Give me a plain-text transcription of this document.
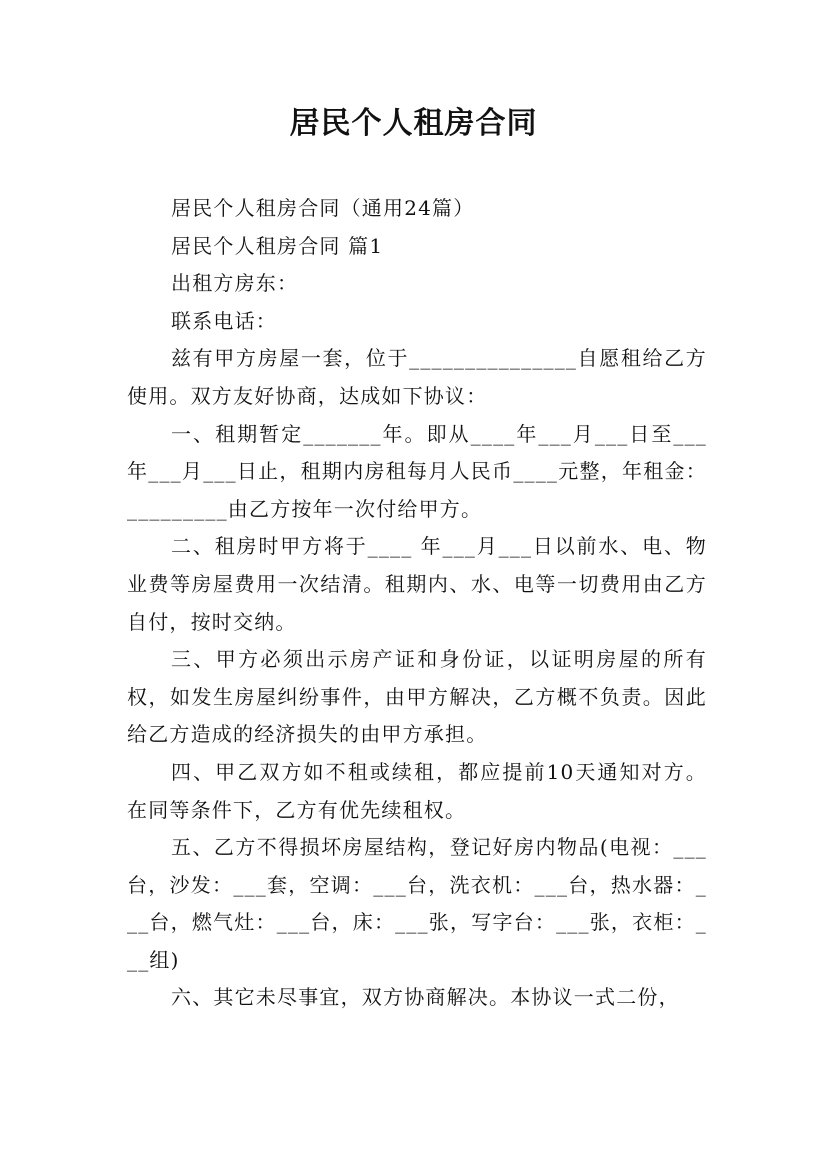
居民个人租房合同

居民个人租房合同（通用24篇）

居民个人租房合同 篇1

出租方房东：

联系电话：

兹有甲方房屋一套，位于_______________自愿租给乙方使用。双方友好协商，达成如下协议：

一、租期暂定_______年。即从____年___月___日至___年___月___日止，租期内房租每月人民币____元整，年租金：_________由乙方按年一次付给甲方。

二、租房时甲方将于____ 年___月___日以前水、电、物业费等房屋费用一次结清。租期内、水、电等一切费用由乙方自付，按时交纳。

三、甲方必须出示房产证和身份证，以证明房屋的所有权，如发生房屋纠纷事件，由甲方解决，乙方概不负责。因此给乙方造成的经济损失的由甲方承担。

四、甲乙双方如不租或续租，都应提前10天通知对方。在同等条件下，乙方有优先续租权。

五、乙方不得损坏房屋结构，登记好房内物品(电视：___台，沙发：___套，空调：___台，洗衣机：___台，热水器：___台，燃气灶：___台，床：___张，写字台：___张，衣柜：___组)

六、其它未尽事宜，双方协商解决。本协议一式二份，
